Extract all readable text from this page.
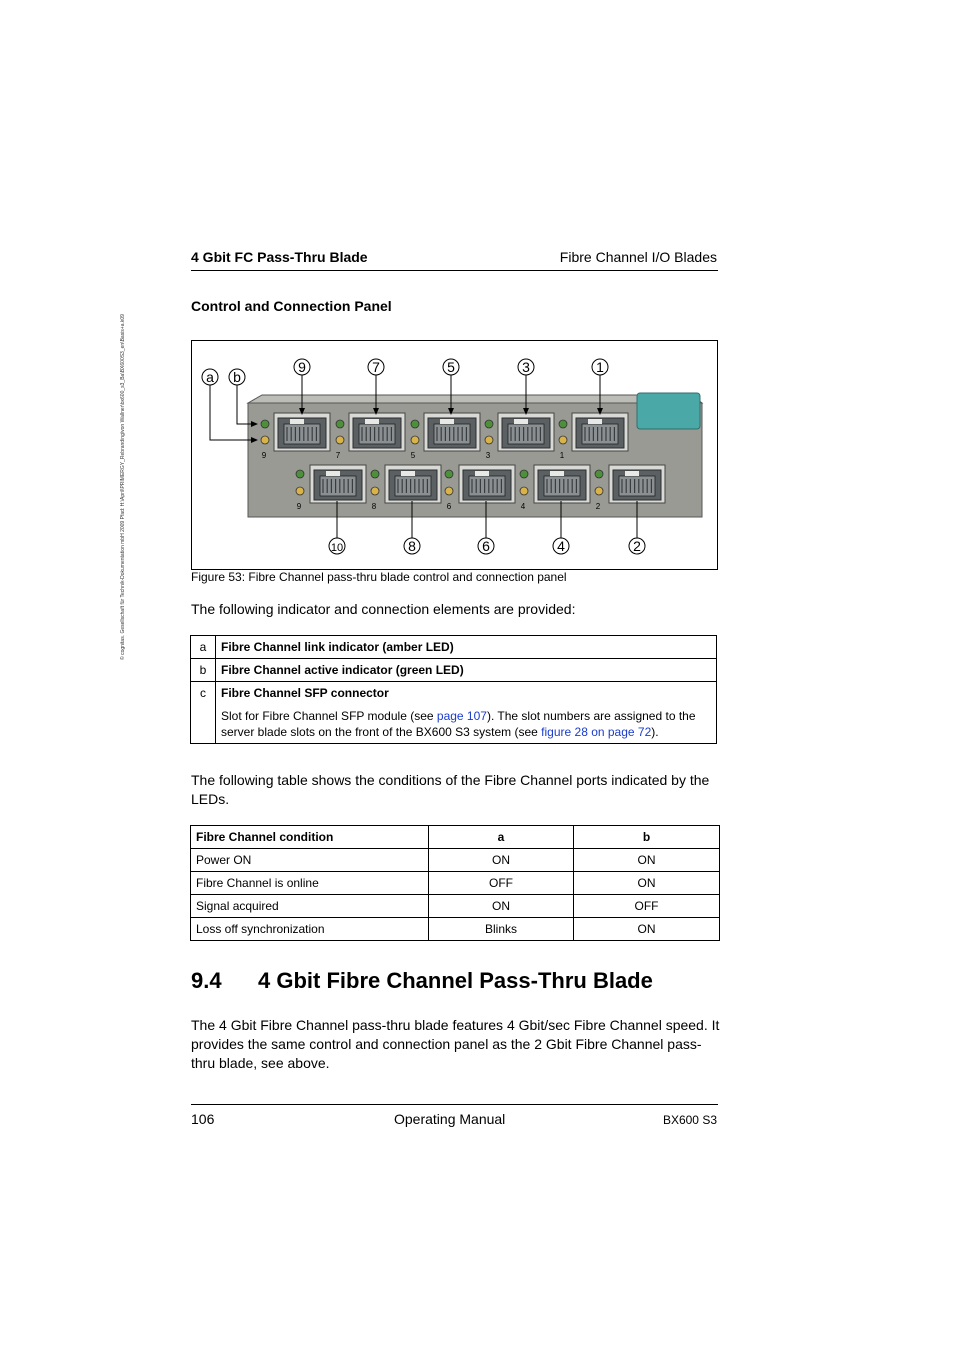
© cognitas. Gesellschaft für Technik-Dokumentation mbH 2009 Pfad: H:\April\PRIMERGY_Rebranding\von Wallner\bx600_s3_Ba\BX600S3_en\Basis+a.k09
4 Gbit FC Pass-Thru Blade	Fibre Channel I/O Blades
Control and Connection Panel
9	7	5	3	1
9	8	6	4	2
9	7	5	3	1
10	8	6	4	2
a b
Figure 53: Fibre Channel pass-thru blade control and connection panel
The following indicator and connection elements are provided:
a	Fibre Channel link indicator (amber LED)
b	Fibre Channel active indicator (green LED)
c	Fibre Channel SFP connector
Slot for Fibre Channel SFP module (see page 107). The slot numbers are assigned to the server blade slots on the front of the BX600 S3 system (see figure 28 on page 72).
The following table shows the conditions of the Fibre Channel ports indicated by the LEDs.
Fibre Channel condition	a	b
Power ON	ON	ON
Fibre Channel is online	OFF	ON
Signal acquired	ON	OFF
Loss off synchronization	Blinks	ON
9.4 4 Gbit Fibre Channel Pass-Thru Blade
The 4 Gbit Fibre Channel pass-thru blade features 4 Gbit/sec Fibre Channel speed. It provides the same control and connection panel as the 2 Gbit Fibre Channel pass-thru blade, see above.
106	Operating Manual	BX600 S3
